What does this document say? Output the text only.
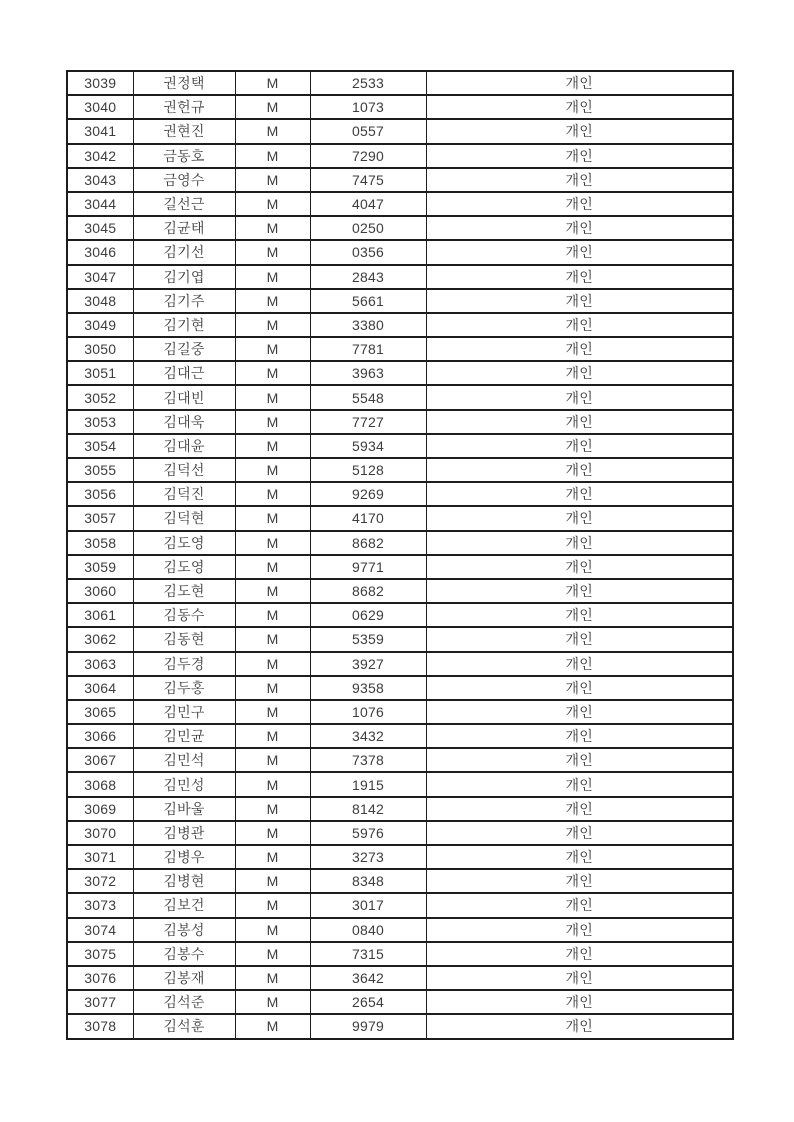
3039	권정택	M	2533	개인
3040	권헌규	M	1073	개인
3041	권현진	M	0557	개인
3042	금동호	M	7290	개인
3043	금영수	M	7475	개인
3044	길선근	M	4047	개인
3045	김균태	M	0250	개인
3046	김기선	M	0356	개인
3047	김기엽	M	2843	개인
3048	김기주	M	5661	개인
3049	김기현	M	3380	개인
3050	김길중	M	7781	개인
3051	김대근	M	3963	개인
3052	김대빈	M	5548	개인
3053	김대욱	M	7727	개인
3054	김대윤	M	5934	개인
3055	김덕선	M	5128	개인
3056	김덕진	M	9269	개인
3057	김덕현	M	4170	개인
3058	김도영	M	8682	개인
3059	김도영	M	9771	개인
3060	김도현	M	8682	개인
3061	김동수	M	0629	개인
3062	김동현	M	5359	개인
3063	김두경	M	3927	개인
3064	김두홍	M	9358	개인
3065	김민구	M	1076	개인
3066	김민균	M	3432	개인
3067	김민석	M	7378	개인
3068	김민성	M	1915	개인
3069	김바울	M	8142	개인
3070	김병관	M	5976	개인
3071	김병우	M	3273	개인
3072	김병현	M	8348	개인
3073	김보건	M	3017	개인
3074	김봉성	M	0840	개인
3075	김봉수	M	7315	개인
3076	김봉재	M	3642	개인
3077	김석준	M	2654	개인
3078	김석훈	M	9979	개인
